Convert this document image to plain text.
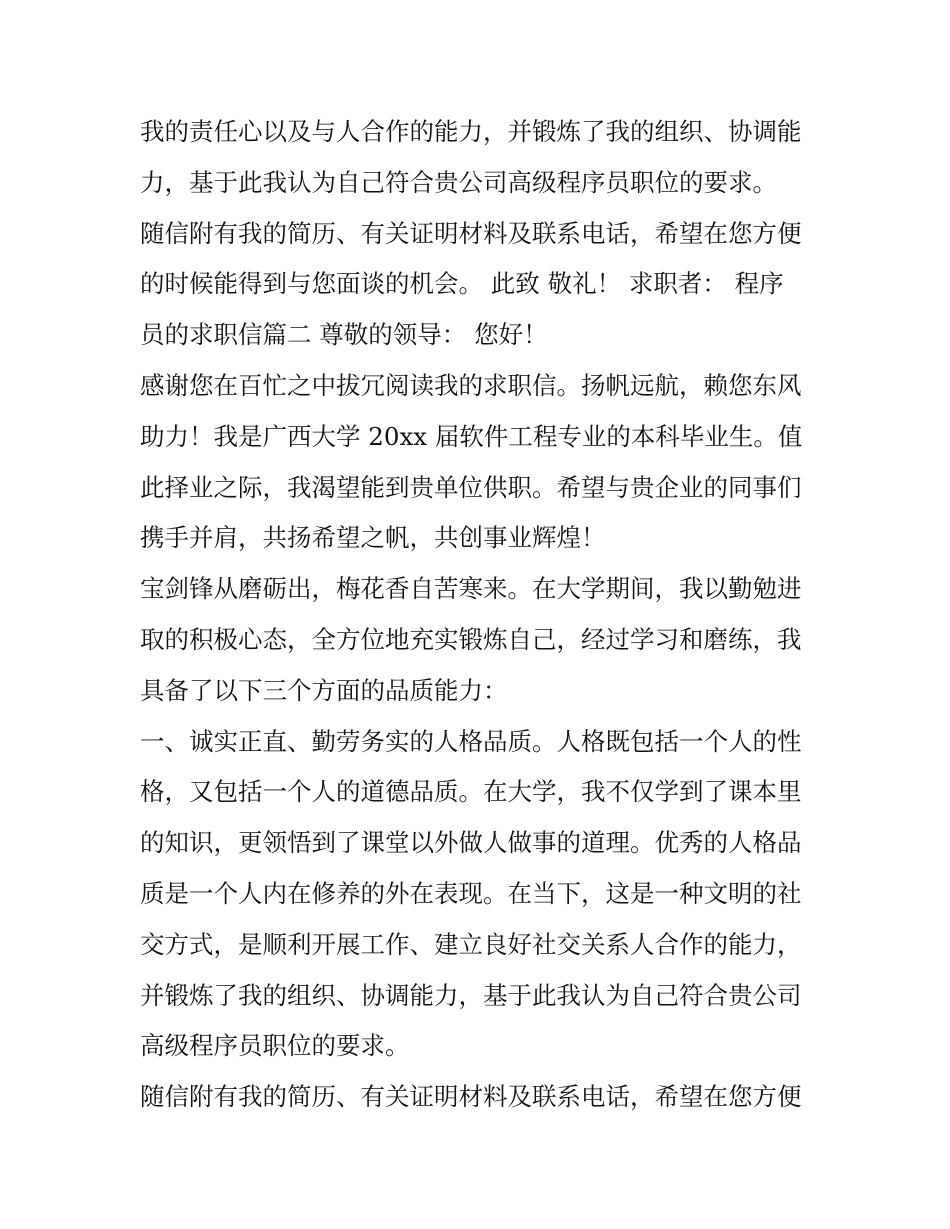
我的责任心以及与人合作的能力，并锻炼了我的组织、协调能
力，基于此我认为自己符合贵公司高级程序员职位的要求。
随信附有我的简历、有关证明材料及联系电话，希望在您方便
的时候能得到与您面谈的机会。 此致 敬礼！ 求职者： 程序
员的求职信篇二 尊敬的领导： 您好！
感谢您在百忙之中拔冗阅读我的求职信。扬帆远航，赖您东风
助力！我是广西大学 20xx 届软件工程专业的本科毕业生。值
此择业之际，我渴望能到贵单位供职。希望与贵企业的同事们
携手并肩，共扬希望之帆，共创事业辉煌！
宝剑锋从磨砺出，梅花香自苦寒来。在大学期间，我以勤勉进
取的积极心态，全方位地充实锻炼自己，经过学习和磨练，我
具备了以下三个方面的品质能力：
一、诚实正直、勤劳务实的人格品质。人格既包括一个人的性
格，又包括一个人的道德品质。在大学，我不仅学到了课本里
的知识，更领悟到了课堂以外做人做事的道理。优秀的人格品
质是一个人内在修养的外在表现。在当下，这是一种文明的社
交方式，是顺利开展工作、建立良好社交关系人合作的能力，
并锻炼了我的组织、协调能力，基于此我认为自己符合贵公司
高级程序员职位的要求。
随信附有我的简历、有关证明材料及联系电话，希望在您方便
